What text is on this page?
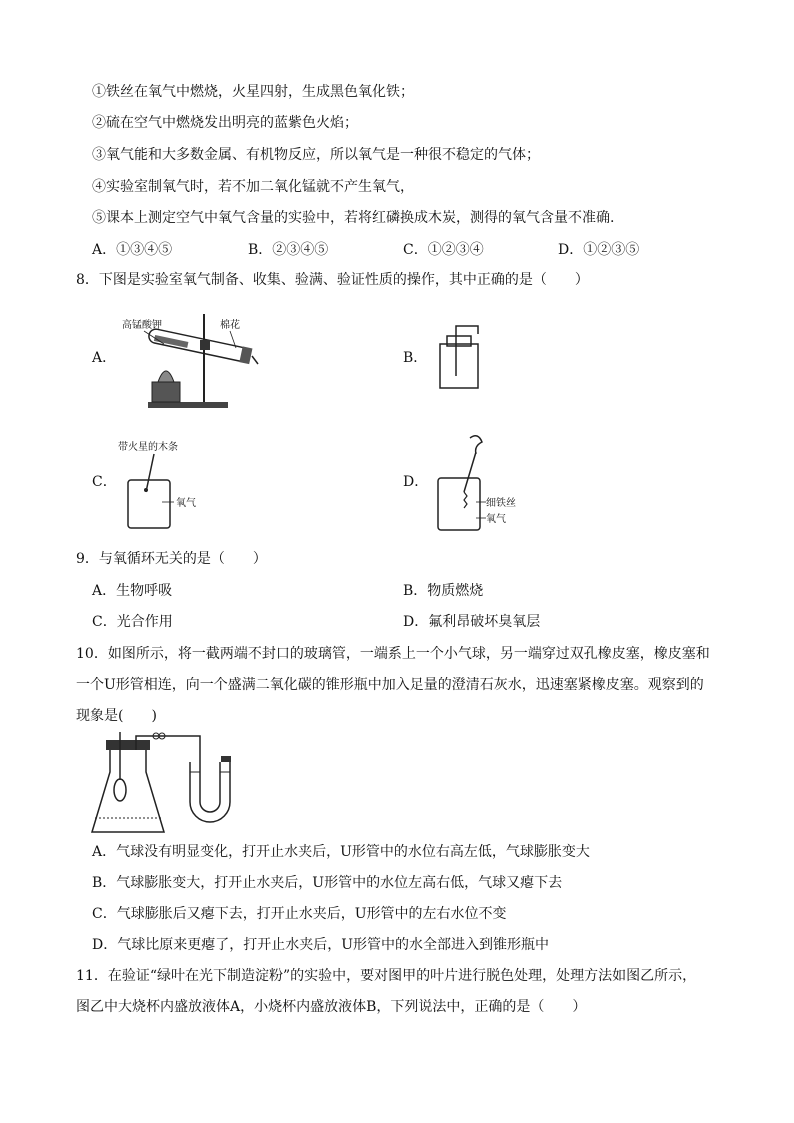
①铁丝在氧气中燃烧，火星四射，生成黑色氧化铁；
②硫在空气中燃烧发出明亮的蓝紫色火焰；
③氧气能和大多数金属、有机物反应，所以氧气是一种很不稳定的气体；
④实验室制氧气时，若不加二氧化锰就不产生氧气，
⑤课本上测定空气中氧气含量的实验中，若将红磷换成木炭，测得的氧气含量不准确.
A．①③④⑤	B．②③④⑤	C．①②③④	D．①②③⑤
8．下图是实验室氧气制备、收集、验满、验证性质的操作，其中正确的是（　　）
A．	B．
C．	D．
高锰酸钾	棉花
带火星的木条
氧气	细铁丝
氧气
9．与氧循环无关的是（　　）
A．生物呼吸	B．物质燃烧
C．光合作用	D．氟利昂破坏臭氧层
10．如图所示，将一截两端不封口的玻璃管，一端系上一个小气球，另一端穿过双孔橡皮塞，橡皮塞和
一个U形管相连，向一个盛满二氧化碳的锥形瓶中加入足量的澄清石灰水，迅速塞紧橡皮塞。观察到的
现象是(　　)
A．气球没有明显变化，打开止水夹后，U形管中的水位右高左低，气球膨胀变大
B．气球膨胀变大，打开止水夹后，U形管中的水位左高右低，气球又瘪下去
C．气球膨胀后又瘪下去，打开止水夹后，U形管中的左右水位不变
D．气球比原来更瘪了，打开止水夹后，U形管中的水全部进入到锥形瓶中
11．在验证“绿叶在光下制造淀粉”的实验中，要对图甲的叶片进行脱色处理，处理方法如图乙所示，
图乙中大烧杯内盛放液体A，小烧杯内盛放液体B，下列说法中，正确的是（　　）
